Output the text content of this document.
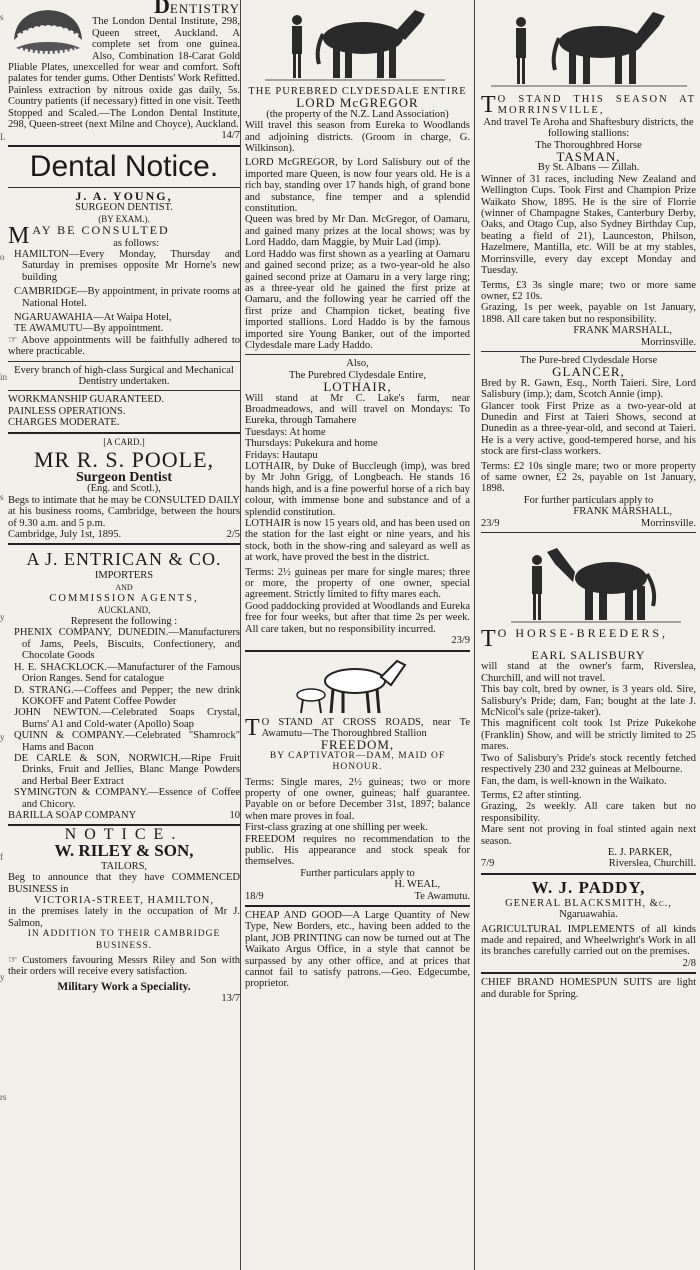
DENTISTRY

The London Dental Institute, 298, Queen street, Auckland. A complete set from one guinea. Also, Combination 18-Carat Gold Pliable Plates, unexcelled for wear and comfort. Soft palates for tender gums. Other Dentists' Work Refitted. Painless extraction by nitrous oxide gas daily, 5s. Country patients (if necessary) fitted in one visit. Teeth Stopped and Scaled.—The London Dental Institute, 298, Queen-street (next Milne and Choyce), Auckland.

14/7

Dental Notice.

J. A. YOUNG,

SURGEON DENTIST.

(BY EXAM.).

MAY BE CONSULTED

as follows:

HAMILTON—Every Monday, Thursday and Saturday in premises opposite Mr Horne's new building

CAMBRIDGE—By appointment, in private rooms at National Hotel.

NGARUAWAHIA—At Waipa Hotel,

TE AWAMUTU—By appointment.

☞ Above appointments will be faithfully adhered to where practicable.

Every branch of high-class Surgical and Mechanical Dentistry undertaken.

WORKMANSHIP GUARANTEED.

PAINLESS OPERATIONS.

CHARGES MODERATE.

[A CARD.]

MR R. S. POOLE,

Surgeon Dentist

(Eng. and Scotl.),

Begs to intimate that he may be CONSULTED DAILY at his business rooms, Cambridge, between the hours of 9.30 a.m. and 5 p.m.

Cambridge, July 1st, 1895.	2/5

A J. ENTRICAN & CO.

IMPORTERS

AND

COMMISSION AGENTS,

AUCKLAND,

Represent the following :

PHENIX COMPANY, DUNEDIN.—Manufacturers of Jams, Peels, Biscuits, Confectionery, and Chocolate Goods

H. E. SHACKLOCK.—Manufacturer of the Famous Orion Ranges. Send for catalogue

D. STRANG.—Coffees and Pepper; the new drink KOKOFF and Patent Coffee Powder

JOHN NEWTON.—Celebrated Soaps Crystal, Burns' A1 and Cold-water (Apollo) Soap

QUINN & COMPANY.—Celebrated "Shamrock" Hams and Bacon

DE CARLE & SON, NORWICH.—Ripe Fruit Drinks, Fruit and Jellies, Blanc Mange Powders and Herbal Beer Extract

SYMINGTON & COMPANY.—Essence of Coffee and Chicory.

BARILLA SOAP COMPANY	10

NOTICE.

W. RILEY & SON,

TAILORS,

Beg to announce that they have COMMENCED BUSINESS in

VICTORIA-STREET, HAMILTON,

in the premises lately in the occupation of Mr J. Salmon,

IN ADDITION TO THEIR CAMBRIDGE BUSINESS.

☞ Customers favouring Messrs Riley and Son with their orders will receive every satisfaction.

Military Work a Speciality.

13/7

THE PUREBRED CLYDESDALE ENTIRE

LORD McGREGOR

(the property of the N.Z. Land Association)

Will travel this season from Eureka to Woodlands and adjoining districts. (Groom in charge, G. Wilkinson).

LORD McGREGOR, by Lord Salisbury out of the imported mare Queen, is now four years old. He is a rich bay, standing over 17 hands high, of grand bone and substance, fine temper and a splendid constitution.

Queen was bred by Mr Dan. McGregor, of Oamaru, and gained many prizes at the local shows; was by Lord Haddo, dam Maggie, by Muir Lad (imp).

Lord Haddo was first shown as a yearling at Oamaru and gained second prize; as a two-year-old he also gained second prize at Oamaru in a very large ring; as a three-year old he gained the first prize at Oamaru, and the following year he carried off the first prize and Champion ticket, beating five imported stallions. Lord Haddo is by the famous imported sire Young Banker, out of the imported Clydesdale mare Lady Haddo.

Also,

The Purebred Clydesdale Entire,

LOTHAIR,

Will stand at Mr C. Lake's farm, near Broadmeadows, and will travel on Mondays: To Eureka, through Tamahere

Tuesdays: At home

Thursdays: Pukekura and home

Fridays: Hautapu

LOTHAIR, by Duke of Buccleugh (imp), was bred by Mr John Grigg, of Longbeach. He stands 16 hands high, and is a fine powerful horse of a rich bay colour, with immense bone and substance and of a splendid constitution.

LOTHAIR is now 15 years old, and has been used on the station for the last eight or nine years, and his stock, both in the show-ring and saleyard as well as at work, have proved the best in the district.

Terms: 2½ guineas per mare for single mares; three or more, the property of one owner, special agreement. Strictly limited to fifty mares each.

Good paddocking provided at Woodlands and Eureka free for four weeks, but after that time 2s per week. All care taken, but no responsibility incurred.

23/9

T O STAND AT CROSS ROADS, near Te Awamutu—The Thoroughbred Stallion

FREEDOM,

BY CAPTIVATOR—DAM, MAID OF HONOUR.

Terms: Single mares, 2½ guineas; two or more property of one owner, guineas; half guarantee. Payable on or before December 31st, 1897; balance when mare proves in foal.

First-class grazing at one shilling per week.

FREEDOM requires no recommendation to the public. His appearance and stock speak for themselves.

Further particulars apply to

H. WEAL,

18/9	Te Awamutu.

CHEAP AND GOOD—A Large Quantity of New Type, New Borders, etc., having been added to the plant, JOB PRINTING can now be turned out at The Waikato Argus Office, in a style that cannot be surpassed by any other office, and at prices that cannot fail to satisfy patrons.—Geo. Edgecumbe, proprietor.

T O STAND THIS SEASON AT MORRINSVILLE,

And travel Te Aroha and Shaftesbury districts, the following stallions:

The Thoroughbred Horse

TASMAN,

By St. Albans — Zillah.

Winner of 31 races, including New Zealand and Wellington Cups. Took First and Champion Prize Waikato Show, 1895. He is the sire of Florrie (winner of Champagne Stakes, Canterbury Derby, Oaks, and Otago Cup, also Sydney Birthday Cup, beating a field of 21), Launceston, Philson, Hazelmere, Mantilla, etc. Will be at my stables, Morrinsville, every day except Monday and Tuesday.

Terms, £3 3s single mare; two or more same owner, £2 10s.

Grazing, 1s per week, payable on 1st January, 1898. All care taken but no responsibility.

FRANK MARSHALL,

Morrinsville.

The Pure-bred Clydesdale Horse

GLANCER,

Bred by R. Gawn, Esq., North Taieri. Sire, Lord Salisbury (imp.); dam, Scotch Annie (imp).

Glancer took First Prize as a two-year-old at Dunedin and First at Taieri Shows, second at Dunedin as a three-year-old, and second at Taieri. He is a very active, good-tempered horse, and his stock are first-class workers.

Terms: £2 10s single mare; two or more property of same owner, £2 2s, payable on 1st January, 1898.

For further particulars apply to

FRANK MARSHALL,

23/9	Morrinsville.

T O HORSE-BREEDERS,

EARL SALISBURY

will stand at the owner's farm, Riverslea, Churchill, and will not travel.

This bay colt, bred by owner, is 3 years old. Sire, Salisbury's Pride; dam, Fan; bought at the late J. McNicol's sale (prize-taker).

This magnificent colt took 1st Prize Pukekohe (Franklin) Show, and will be strictly limited to 25 mares.

Two of Salisbury's Pride's stock recently fetched respectively 230 and 232 guineas at Melbourne.

Fan, the dam, is well-known in the Waikato.

Terms, £2 after stinting.

Grazing, 2s weekly. All care taken but no responsibility.

Mare sent not proving in foal stinted again next season.

E. J. PARKER,

7/9	Riverslea, Churchill.

W. J. PADDY,

GENERAL BLACKSMITH, &c.,

Ngaruawahia.

AGRICULTURAL IMPLEMENTS of all kinds made and repaired, and Wheelwright's Work in all its branches carefully carried out on the premises.

2/8

CHIEF BRAND HOMESPUN SUITS are light and durable for Spring.

s
L
o
in
s
y
y
f
y
rs
